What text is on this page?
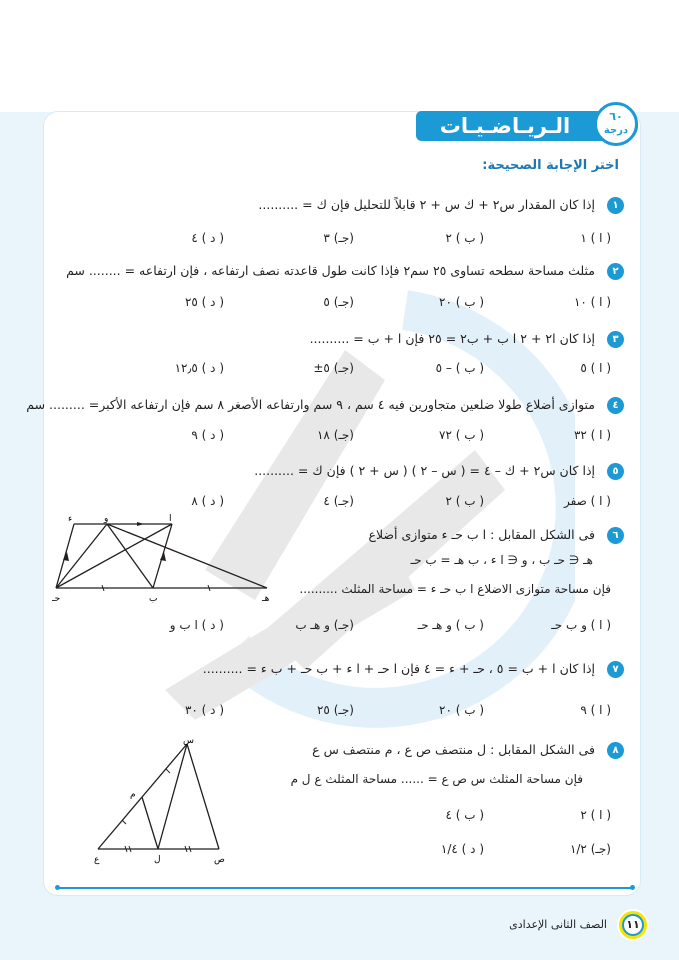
الـريـاضـيـات	٦٠
درجة
اختر الإجابة الصحيحة:
١
إذا كان المقدار س٢ + ك س + ٢ قابلاً للتحليل فإن ك = ..........
( ا ) ١
( ب ) ٢
(جـ) ٣
( د ) ٤
٢
مثلث مساحة سطحه تساوى ٢٥ سم٢ فإذا كانت طول قاعدته نصف ارتفاعه ، فإن ارتفاعه = ........ سم
( ا ) ١٠
( ب ) ٢٠
(جـ) ٥
( د ) ٢٥
٣
إذا كان ا٢ + ٢ ا ب + ب٢ = ٢٥ فإن ا + ب = ..........
( ا ) ٥
( ب ) – ٥
(جـ) ٥±
( د ) ١٢٫٥
٤
متوازى أضلاع طولا ضلعين متجاورين فيه ٤ سم ، ٩ سم وارتفاعه الأصغر ٨ سم فإن ارتفاعه الأكبر= ......... سم
( ا ) ٣٢
( ب ) ٧٢
(جـ) ١٨
( د ) ٩
٥
إذا كان س٢ + ك – ٤ = ( س – ٢ ) ( س + ٢ ) فإن ك = ..........
( ا ) صفر
( ب ) ٢
(جـ) ٤
( د ) ٨
٦
فى الشكل المقابل : ا ب حـ ء متوازى أضلاع
هـ ∈ حـ ب ، و ∈ ا ء ، ب هـ = ب حـ
فإن مساحة متوازى الاضلاع ا ب حـ ء = مساحة المثلث ..........
( ا ) و ب حـ
( ب ) و هـ حـ
(جـ) و هـ ب
( د ) ا ب و
ء	و	ا
حـ	ب	هـ
٧
إذا كان ا + ب = ٥ ، حـ + ء = ٤ فإن ا حـ + ا ء + ب حـ + ب ء = ..........
( ا ) ٩
( ب ) ٢٠
(جـ) ٢٥
( د ) ٣٠
٨
فى الشكل المقابل : ل منتصف ص ع ، م منتصف س ع
فإن مساحة المثلث س ص ع = ...... مساحة المثلث ع ل م
( ا ) ٢
( ب ) ٤
(جـ) ١/٢
( د ) ١/٤
س
م
ع	ل	ص
الصف الثانى الإعدادى	١١
